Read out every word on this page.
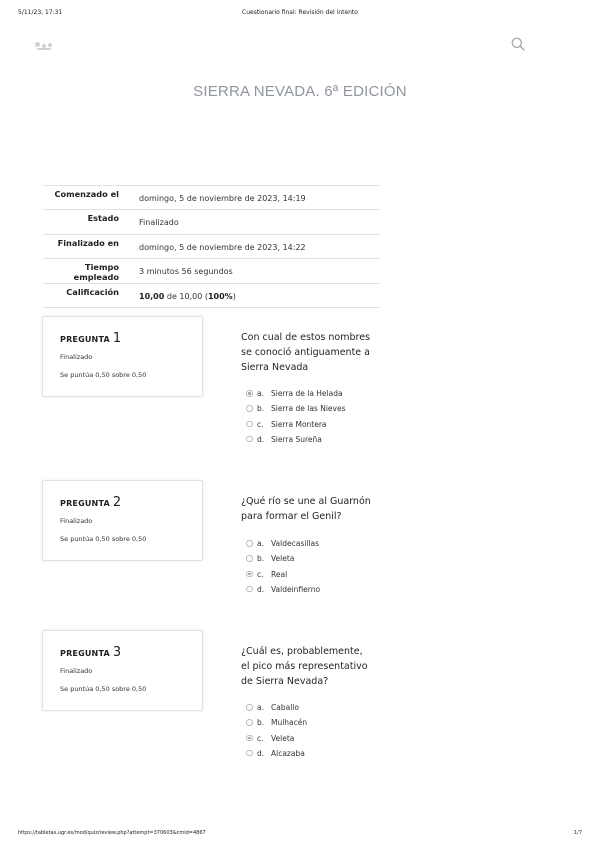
5/11/23, 17:31	Cuestionario final: Revisión del intento
SIERRA NEVADA. 6ª EDICIÓN
Comenzado el	domingo, 5 de noviembre de 2023, 14:19
Estado	Finalizado
Finalizado en	domingo, 5 de noviembre de 2023, 14:22
Tiempo empleado	3 minutos 56 segundos
Calificación	10,00 de 10,00 (100%)
PREGUNTA 1
Finalizado
Se puntúa 0,50 sobre 0,50
Con cual de estos nombres se conoció antiguamente a Sierra Nevada
a. Sierra de la Helada
b. Sierra de las Nieves
c. Sierra Montera
d. Sierra Sureña
PREGUNTA 2
Finalizado
Se puntúa 0,50 sobre 0,50
¿Qué río se une al Guarnón para formar el Genil?
a. Valdecasillas
b. Veleta
c. Real
d. Valdeinfierno
PREGUNTA 3
Finalizado
Se puntúa 0,50 sobre 0,50
¿Cuál es, probablemente, el pico más representativo de Sierra Nevada?
a. Caballo
b. Mulhacén
c. Veleta
d. Alcazaba
https://tabletas.ugr.es/mod/quiz/review.php?attempt=370603&cmid=4867	1/7
